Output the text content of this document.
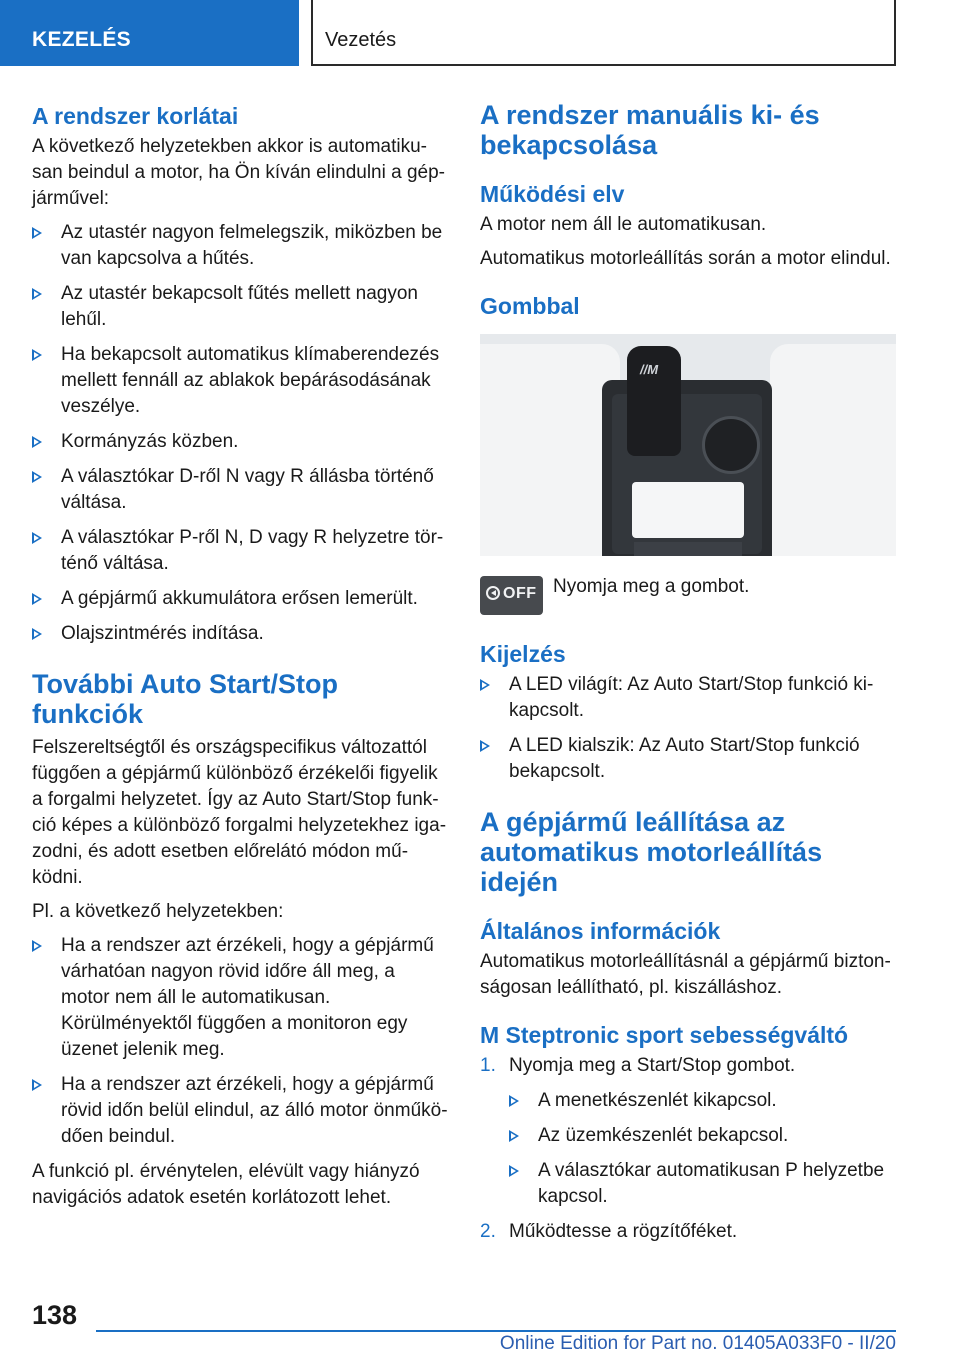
KEZELÉS	Vezetés
A rendszer korlátai

A következő helyzetekben akkor is automatikusan beindul a motor, ha Ön kíván elindulni a gépjárművel:

Az utastér nagyon felmelegszik, miközben be van kapcsolva a hűtés.
Az utastér bekapcsolt fűtés mellett nagyon lehűl.
Ha bekapcsolt automatikus klímaberendezés mellett fennáll az ablakok bepárásodásának veszélye.
Kormányzás közben.
A választókar D-ről N vagy R állásba történő váltása.
A választókar P-ről N, D vagy R helyzetre történő váltása.
A gépjármű akkumulátora erősen lemerült.
Olajszintmérés indítása.
További Auto Start/Stop funkciók

Felszereltségtől és országspecifikus változattól függően a gépjármű különböző érzékelői figyelik a forgalmi helyzetet. Így az Auto Start/Stop funkció képes a különböző forgalmi helyzetekhez igazodni, és adott esetben előrelátó módon működni.

Pl. a következő helyzetekben:

Ha a rendszer azt érzékeli, hogy a gépjármű várhatóan nagyon rövid időre áll meg, a motor nem áll le automatikusan. Körülményektől függően a monitoron egy üzenet jelenik meg.
Ha a rendszer azt érzékeli, hogy a gépjármű rövid időn belül elindul, az álló motor önműködően beindul.

A funkció pl. érvénytelen, elévült vagy hiányzó navigációs adatok esetén korlátozott lehet.

A rendszer manuális ki- és bekapcsolása
Működési elv

A motor nem áll le automatikusan.

Automatikus motorleállítás során a motor elindul.

Gombbal
//M
OFF Nyomja meg a gombot.
Kijelzés
A LED világít: Az Auto Start/Stop funkció kikapcsolt.
A LED kialszik: Az Auto Start/Stop funkció bekapcsolt.
A gépjármű leállítása az automatikus motorleállítás idején
Általános információk

Automatikus motorleállításnál a gépjármű biztonságosan leállítható, pl. kiszálláshoz.

M Steptronic sport sebességváltó
1. Nyomja meg a Start/Stop gombot.
A menetkészenlét kikapcsol.
Az üzemkészenlét bekapcsol.
A választókar automatikusan P helyzetbe kapcsol.
2. Működtesse a rögzítőféket.
138
Online Edition for Part no. 01405A033F0 - II/20
